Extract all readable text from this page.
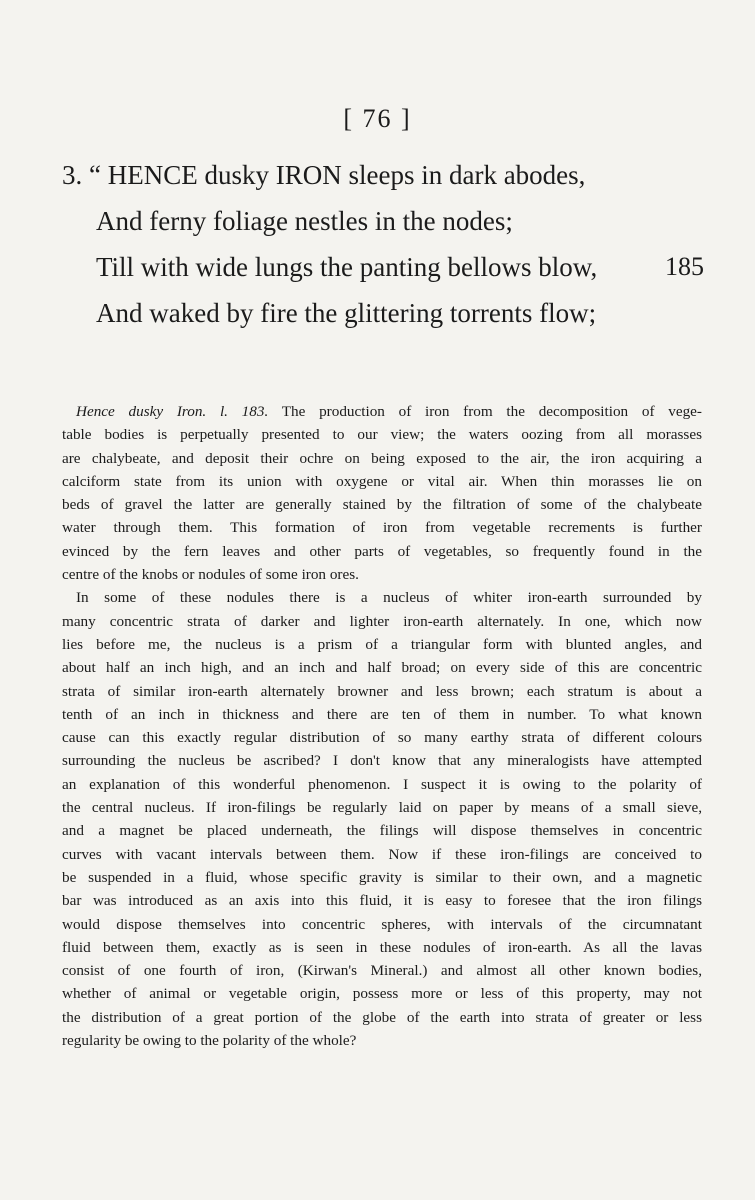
[ 76 ]
3. “ HENCE dusky IRON sleeps in dark abodes,
And ferny foliage nestles in the nodes;
Till with wide lungs the panting bellows blow,	185
And waked by fire the glittering torrents flow;
Hence dusky Iron. l. 183. The production of iron from the decomposition of vege-
table bodies is perpetually presented to our view; the waters oozing from all morasses
are chalybeate, and deposit their ochre on being exposed to the air, the iron acquiring a
calciform state from its union with oxygene or vital air. When thin morasses lie on
beds of gravel the latter are generally stained by the filtration of some of the chalybeate
water through them. This formation of iron from vegetable recrements is further
evinced by the fern leaves and other parts of vegetables, so frequently found in the
centre of the knobs or nodules of some iron ores.
In some of these nodules there is a nucleus of whiter iron-earth surrounded by
many concentric strata of darker and lighter iron-earth alternately. In one, which now
lies before me, the nucleus is a prism of a triangular form with blunted angles, and
about half an inch high, and an inch and half broad; on every side of this are concentric
strata of similar iron-earth alternately browner and less brown; each stratum is about a
tenth of an inch in thickness and there are ten of them in number. To what known
cause can this exactly regular distribution of so many earthy strata of different colours
surrounding the nucleus be ascribed? I don't know that any mineralogists have attempted
an explanation of this wonderful phenomenon. I suspect it is owing to the polarity of
the central nucleus. If iron-filings be regularly laid on paper by means of a small sieve,
and a magnet be placed underneath, the filings will dispose themselves in concentric
curves with vacant intervals between them. Now if these iron-filings are conceived to
be suspended in a fluid, whose specific gravity is similar to their own, and a magnetic
bar was introduced as an axis into this fluid, it is easy to foresee that the iron filings
would dispose themselves into concentric spheres, with intervals of the circumnatant
fluid between them, exactly as is seen in these nodules of iron-earth. As all the lavas
consist of one fourth of iron, (Kirwan's Mineral.) and almost all other known bodies,
whether of animal or vegetable origin, possess more or less of this property, may not
the distribution of a great portion of the globe of the earth into strata of greater or less
regularity be owing to the polarity of the whole?
